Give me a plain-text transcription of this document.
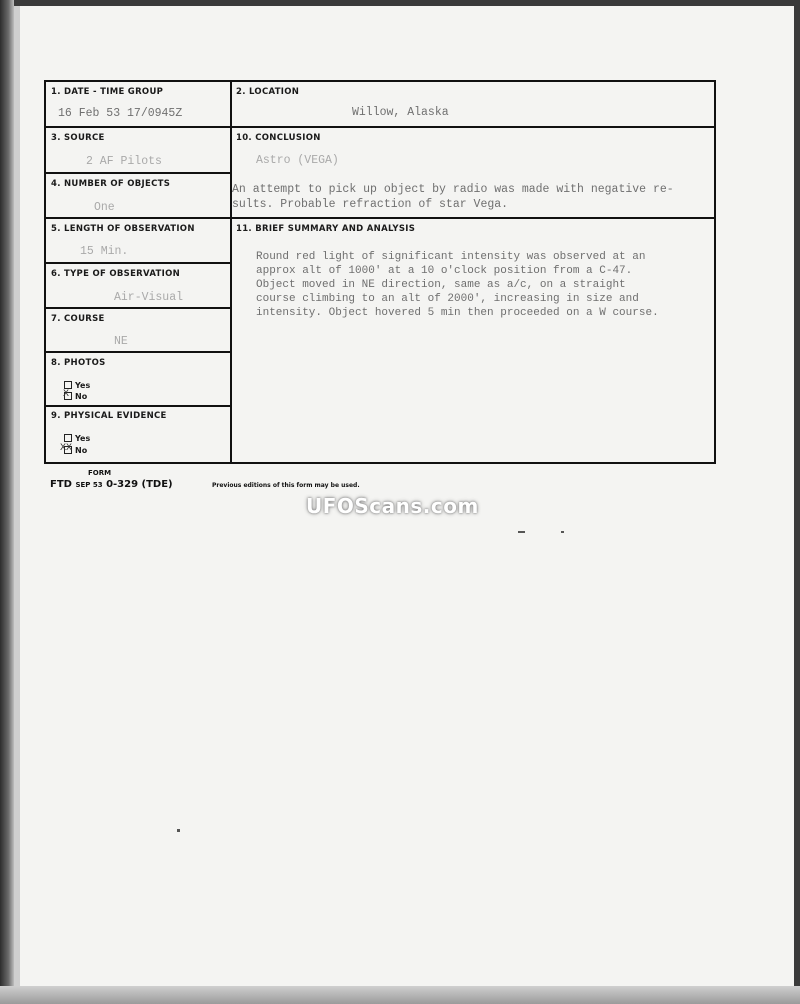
1. DATE - TIME GROUP
16 Feb 53 17/0945Z
2. LOCATION
Willow, Alaska
3. SOURCE
2 AF Pilots
10. CONCLUSION
Astro (VEGA)
An attempt to pick up object by radio was made with negative re-
sults. Probable refraction of star Vega.
4. NUMBER OF OBJECTS
One
5. LENGTH OF OBSERVATION
15 Min.
11. BRIEF SUMMARY AND ANALYSIS

Round red light of significant intensity was observed at an

approx alt of 1000' at a 10 o'clock position from a C-47.

Object moved in NE direction, same as a/c, on a straight

course climbing to an alt of 2000', increasing in size and

intensity. Object hovered 5 min then proceeded on a W course.

6. TYPE OF OBSERVATION
Air-Visual
7. COURSE
NE
8. PHOTOS
Yes
No
X
9. PHYSICAL EVIDENCE
Yes
No
XX
FORM
FTD SEP 53 0-329 (TDE)	Previous editions of this form may be used.
UFOScans.com
